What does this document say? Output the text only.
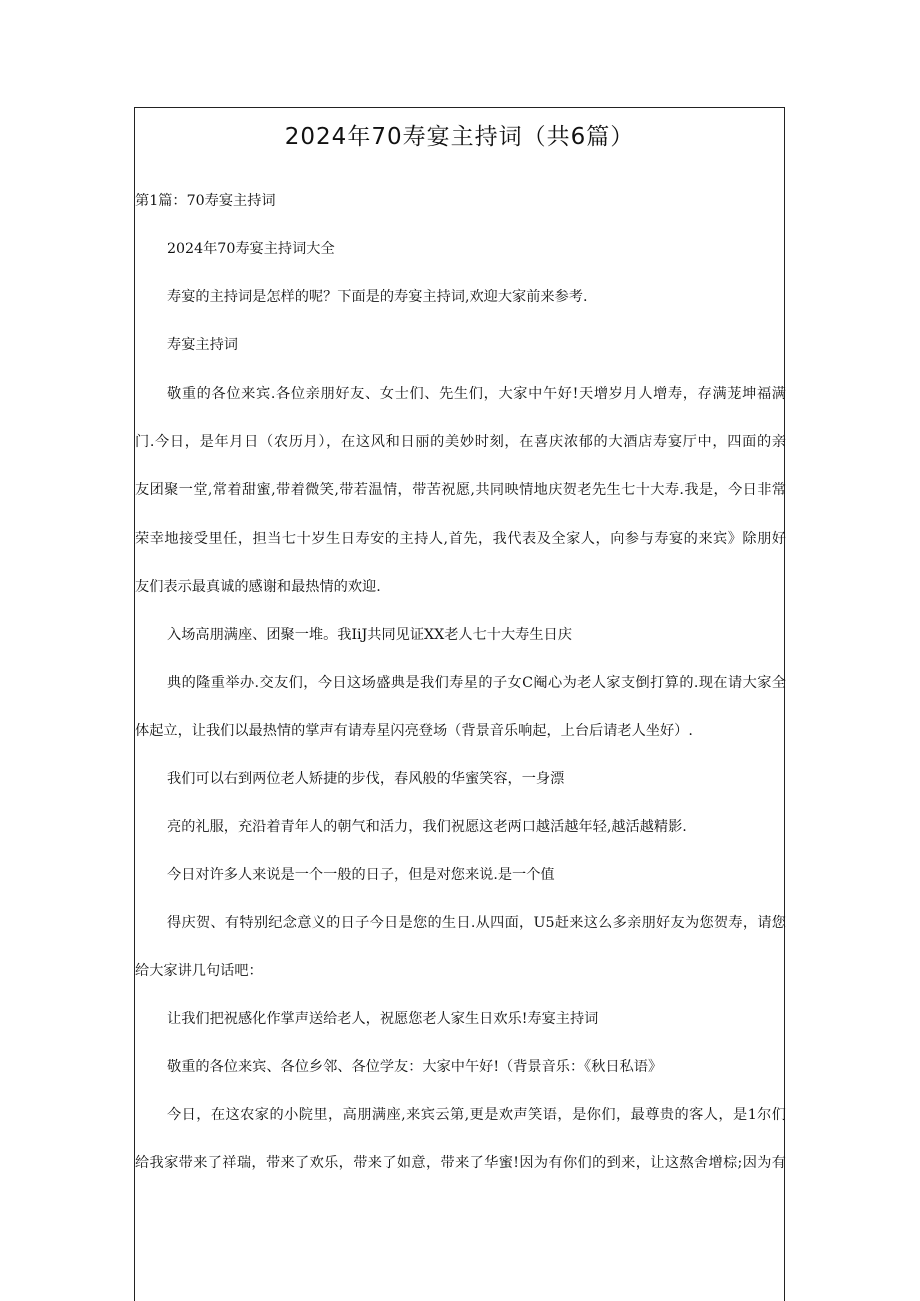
2024年70寿宴主持词（共6篇）
第1篇：70寿宴主持词
2024年70寿宴主持词大全
寿宴的主持词是怎样的呢？下面是的寿宴主持词,欢迎大家前来参考.
寿宴主持词
敬重的各位来宾.各位亲朋好友、女士们、先生们，大家中午好!天增岁月人增寿，存满茏坤福满
门.今日，是年月日（农历月），在这风和日丽的美妙时刻，在喜庆浓郁的大酒店寿宴厅中，四面的亲
友团聚一堂,常着甜蜜,带着微笑,带若温情，带苦祝愿,共同映情地庆贺老先生七十大寿.我是，今日非常
荣幸地接受里任，担当七十岁生日寿安的主持人,首先，我代表及全家人，向参与寿宴的来宾》除朋好
友们表示最真诚的感谢和最热情的欢迎.
入场高朋满座、团聚一堆。我IiJ共同见证XX老人七十大寿生日庆
典的隆重举办.交友们，今日这场盛典是我们寿星的子女C阉心为老人家支倒打算的.现在请大家全
体起立，让我们以最热情的掌声有请寿星闪亮登场（背景音乐响起，上台后请老人坐好）.
我们可以右到两位老人矫捷的步伐，春风般的华蜜笑容，一身漂
亮的礼服，充沿着青年人的朝气和活力，我们祝愿这老两口越活越年轻,越活越精影.
今日对许多人来说是一个一般的日子，但是对您来说.是一个值
得庆贺、有特别纪念意义的日子今日是您的生日.从四面，U5赶来这么多亲朋好友为您贺寿，请您
给大家讲几句话吧：
让我们把祝感化作掌声送给老人，祝愿您老人家生日欢乐!寿宴主持词
敬重的各位来宾、各位乡邻、各位学友：大家中午好!（背景音乐：《秋日私语》
今日，在这农家的小院里，高朋满座,来宾云第,更是欢声笑语，是你们，最尊贵的客人，是1尔们
给我家带来了祥瑞，带来了欢乐，带来了如意，带来了华蜜!因为有你们的到来，让这熬舍增棕;因为有
